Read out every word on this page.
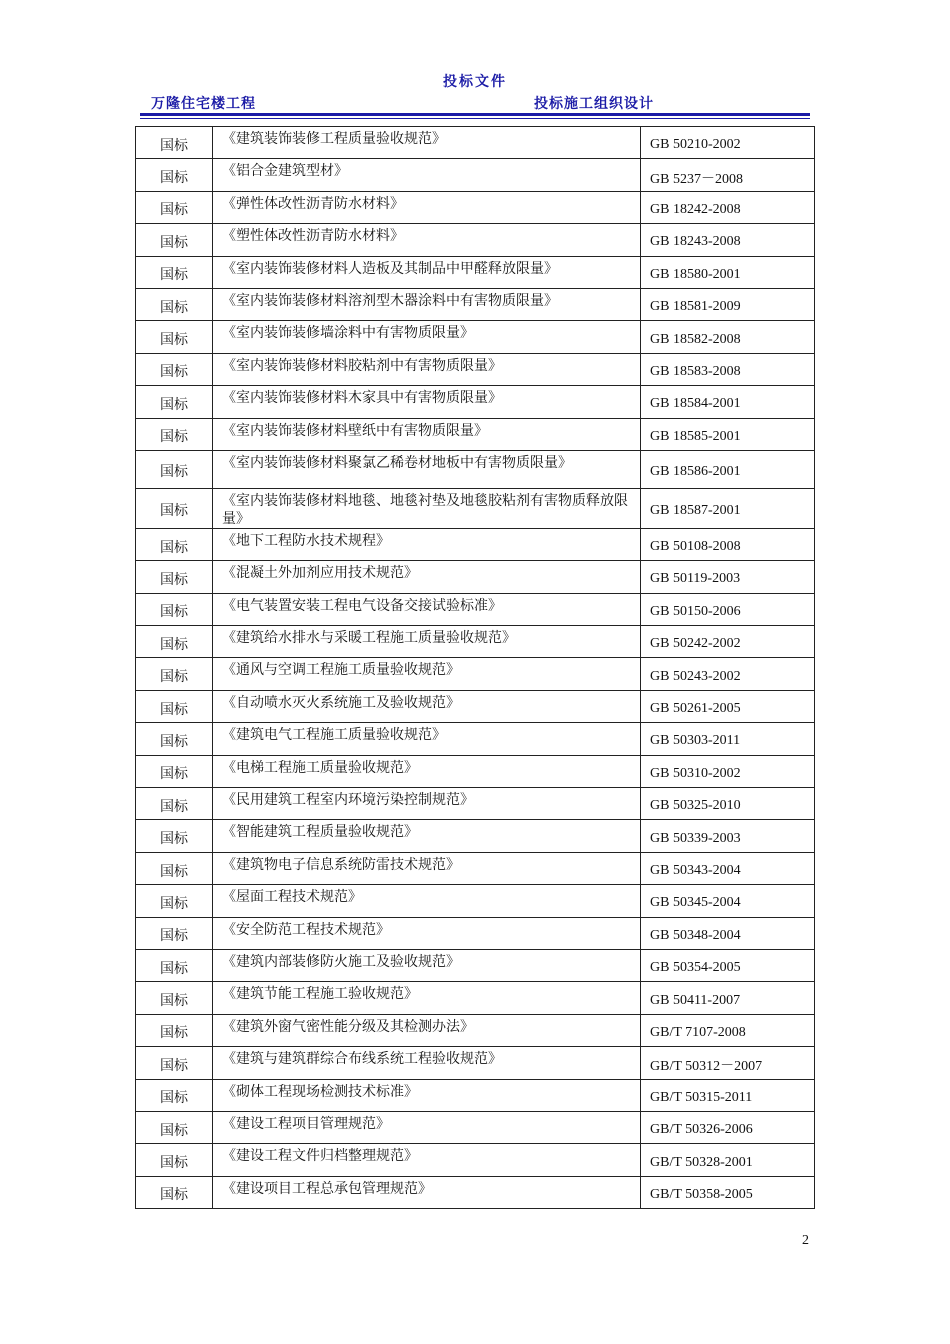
投标文件
万隆住宅楼工程	投标施工组织设计
国标	《建筑装饰装修工程质量验收规范》	GB 50210-2002
国标	《铝合金建筑型材》	GB 5237－2008
国标	《弹性体改性沥青防水材料》	GB 18242-2008
国标	《塑性体改性沥青防水材料》	GB 18243-2008
国标	《室内装饰装修材料人造板及其制品中甲醛释放限量》	GB 18580-2001
国标	《室内装饰装修材料溶剂型木器涂料中有害物质限量》	GB 18581-2009
国标	《室内装饰装修墙涂料中有害物质限量》	GB 18582-2008
国标	《室内装饰装修材料胶粘剂中有害物质限量》	GB 18583-2008
国标	《室内装饰装修材料木家具中有害物质限量》	GB 18584-2001
国标	《室内装饰装修材料壁纸中有害物质限量》	GB 18585-2001
国标	《室内装饰装修材料聚氯乙稀卷材地板中有害物质限量》	GB 18586-2001
国标	《室内装饰装修材料地毯、地毯衬垫及地毯胶粘剂有害物质释放限量》	GB 18587-2001
国标	《地下工程防水技术规程》	GB 50108-2008
国标	《混凝土外加剂应用技术规范》	GB 50119-2003
国标	《电气装置安装工程电气设备交接试验标准》	GB 50150-2006
国标	《建筑给水排水与采暖工程施工质量验收规范》	GB 50242-2002
国标	《通风与空调工程施工质量验收规范》	GB 50243-2002
国标	《自动喷水灭火系统施工及验收规范》	GB 50261-2005
国标	《建筑电气工程施工质量验收规范》	GB 50303-2011
国标	《电梯工程施工质量验收规范》	GB 50310-2002
国标	《民用建筑工程室内环境污染控制规范》	GB 50325-2010
国标	《智能建筑工程质量验收规范》	GB 50339-2003
国标	《建筑物电子信息系统防雷技术规范》	GB 50343-2004
国标	《屋面工程技术规范》	GB 50345-2004
国标	《安全防范工程技术规范》	GB 50348-2004
国标	《建筑内部装修防火施工及验收规范》	GB 50354-2005
国标	《建筑节能工程施工验收规范》	GB 50411-2007
国标	《建筑外窗气密性能分级及其检测办法》	GB/T 7107-2008
国标	《建筑与建筑群综合布线系统工程验收规范》	GB/T 50312－2007
国标	《砌体工程现场检测技术标准》	GB/T 50315-2011
国标	《建设工程项目管理规范》	GB/T 50326-2006
国标	《建设工程文件归档整理规范》	GB/T 50328-2001
国标	《建设项目工程总承包管理规范》	GB/T 50358-2005
2
